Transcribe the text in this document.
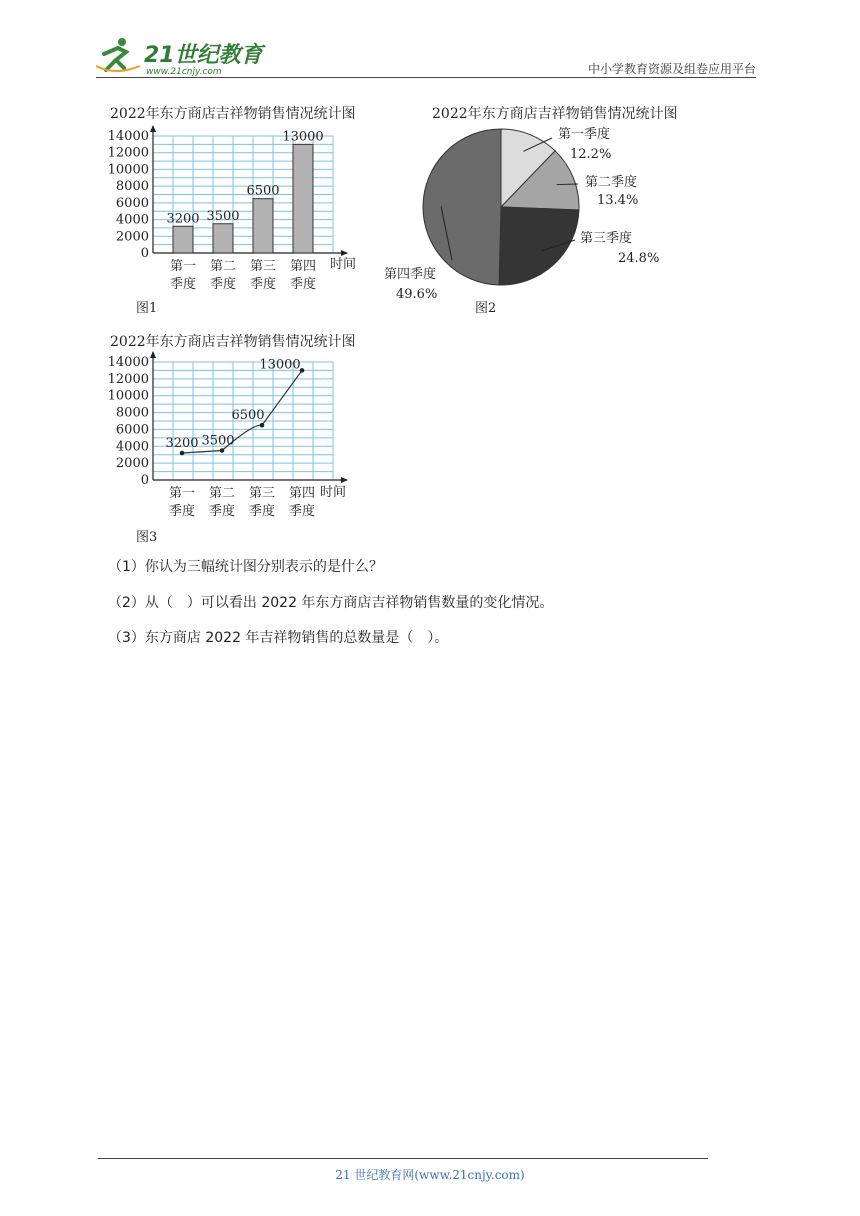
21世纪教育
www.21cnjy.com	中小学教育资源及组卷应用平台
2022年东方商店吉祥物销售情况统计图
3200 3500
6500
13000
0
2000
4000
6000
8000
10000
12000
14000
第一
季度
第二
季度
第三
季度
第四
季度
时间
图1
2022年东方商店吉祥物销售情况统计图
第一季度
12.2%
第二季度
13.4%
第三季度
24.8%
第四季度
49.6%
图2
2022年东方商店吉祥物销售情况统计图
3200 3500
6500
13000
0
2000
4000
6000
8000
10000
12000
14000
第一
季度
第二
季度
第三
季度
第四
季度
时间
图3
（1）你认为三幅统计图分别表示的是什么？
（2）从（　）可以看出 2022 年东方商店吉祥物销售数量的变化情况。
（3）东方商店 2022 年吉祥物销售的总数量是（　）。
21 世纪教育网(www.21cnjy.com)
